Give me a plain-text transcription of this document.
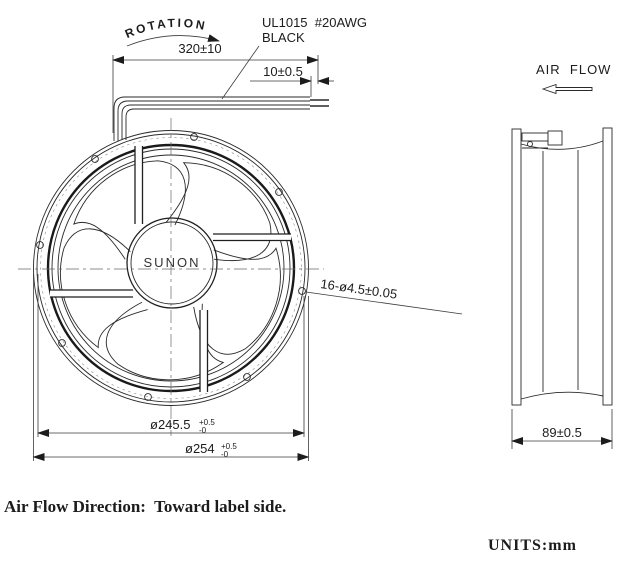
SUNON
ROTATION	UL1015  #20AWG
BLACK
320±10
10±0.5
16-ø4.5±0.05
ø245.5 +0.5
-0
ø254 +0.5
-0
AIR  FLOW
89±0.5
Air Flow Direction:  Toward label side.
UNITS:mm
